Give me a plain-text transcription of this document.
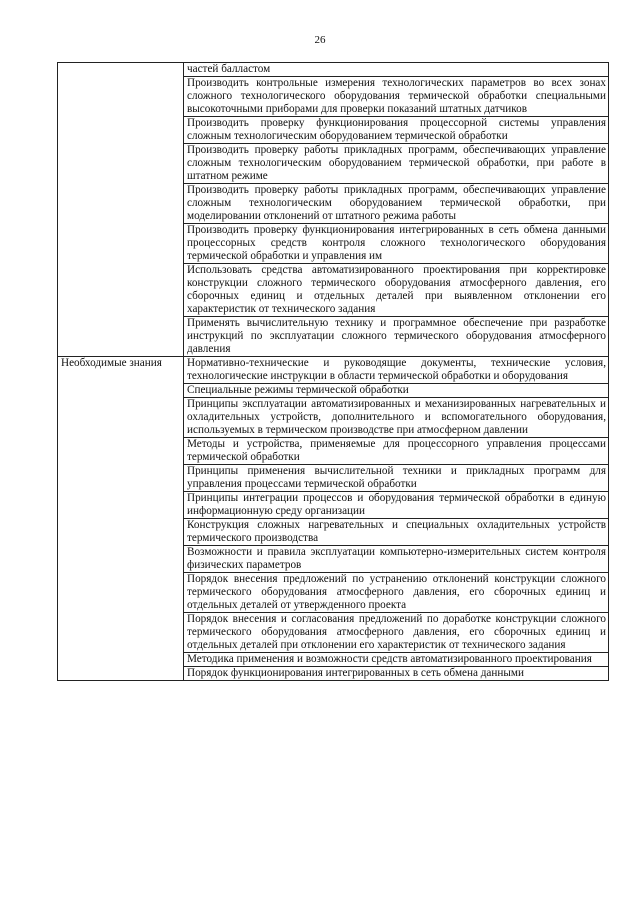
26
	частей балластом
	Производить контрольные измерения технологических параметров во всех зонах сложного технологического оборудования термической обработки специальными высокоточными приборами для проверки показаний штатных датчиков
	Производить проверку функционирования процессорной системы управления сложным технологическим оборудованием термической обработки
	Производить проверку работы прикладных программ, обеспечивающих управление сложным технологическим оборудованием термической обработки, при работе в штатном режиме
	Производить проверку работы прикладных программ, обеспечивающих управление сложным технологическим оборудованием термической обработки, при моделировании отклонений от штатного режима работы
	Производить проверку функционирования интегрированных в сеть обмена данными процессорных средств контроля сложного технологического оборудования термической обработки и управления им
	Использовать средства автоматизированного проектирования при корректировке конструкции сложного термического оборудования атмосферного давления, его сборочных единиц и отдельных деталей при выявленном отклонении его характеристик от технического задания
	Применять вычислительную технику и программное обеспечение при разработке инструкций по эксплуатации сложного термического оборудования атмосферного давления
Необходимые знания	Нормативно-технические и руководящие документы, технические условия, технологические инструкции в области термической обработки и оборудования
	Специальные режимы термической обработки
	Принципы эксплуатации автоматизированных и механизированных нагревательных и охладительных устройств, дополнительного и вспомогательного оборудования, используемых в термическом производстве при атмосферном давлении
	Методы и устройства, применяемые для процессорного управления процессами термической обработки
	Принципы применения вычислительной техники и прикладных программ для управления процессами термической обработки
	Принципы интеграции процессов и оборудования термической обработки в единую информационную среду организации
	Конструкция сложных нагревательных и специальных охладительных устройств термического производства
	Возможности и правила эксплуатации компьютерно-измерительных систем контроля физических параметров
	Порядок внесения предложений по устранению отклонений конструкции сложного термического оборудования атмосферного давления, его сборочных единиц и отдельных деталей от утвержденного проекта
	Порядок внесения и согласования предложений по доработке конструкции сложного термического оборудования атмосферного давления, его сборочных единиц и отдельных деталей при отклонении его характеристик от технического задания
	Методика применения и возможности средств автоматизированного проектирования
	Порядок функционирования интегрированных в сеть обмена данными
